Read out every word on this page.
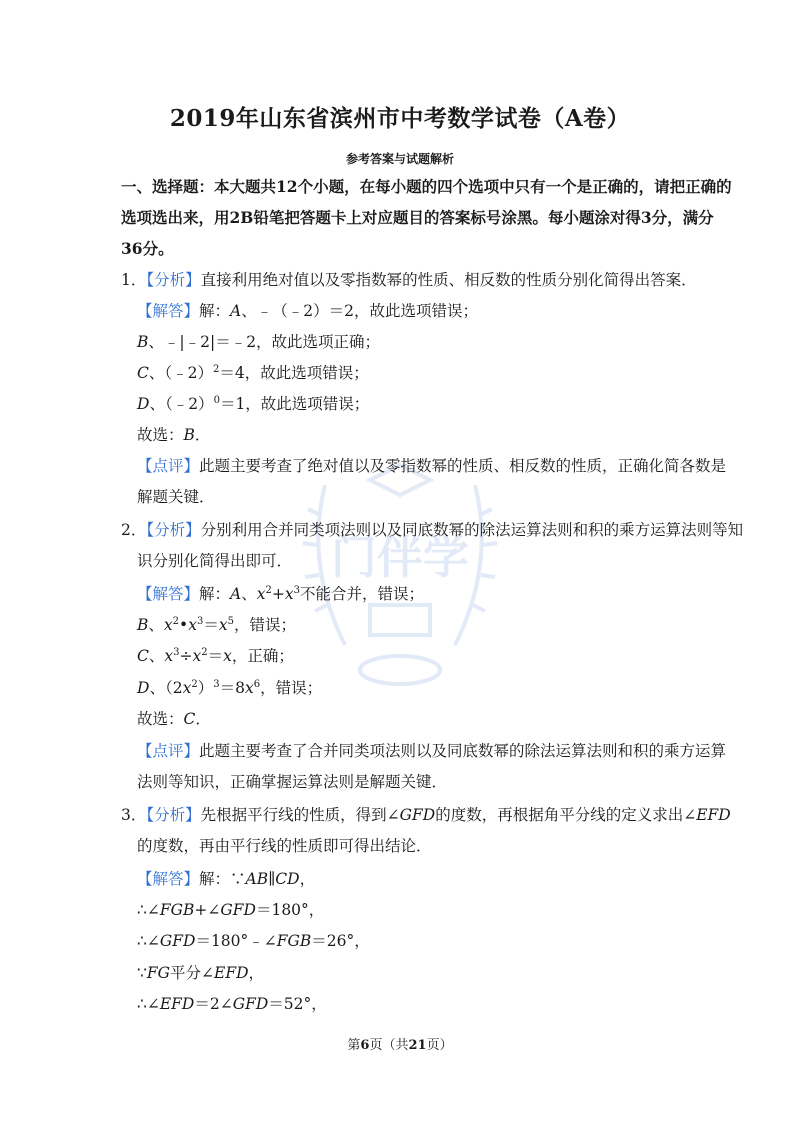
门伴学
2019年山东省滨州市中考数学试卷（A卷）
参考答案与试题解析
一、选择题：本大题共12个小题，在每小题的四个选项中只有一个是正确的，请把正确的
选项选出来，用2B铅笔把答题卡上对应题目的答案标号涂黑。每小题涂对得3分，满分
36分。
1．【分析】直接利用绝对值以及零指数幂的性质、相反数的性质分别化简得出答案．
【解答】解：A、﹣（﹣2）＝2，故此选项错误；
B、﹣|﹣2|＝﹣2，故此选项正确；
C、（﹣2）$^2$＝4，故此选项错误；
D、（﹣2）$^0$＝1，故此选项错误；
故选：B．
【点评】此题主要考查了绝对值以及零指数幂的性质、相反数的性质，正确化简各数是
解题关键．
2．【分析】分别利用合并同类项法则以及同底数幂的除法运算法则和积的乘方运算法则等知
识分别化简得出即可．
【解答】解：A、$x^2+x^3$不能合并，错误；
B、$x^2•x^3=x^5$，错误；
C、$x^3\div x^2=x$，正确；
D、$(2x^2)^3=8x^6$，错误；
故选：C．
【点评】此题主要考查了合并同类项法则以及同底数幂的除法运算法则和积的乘方运算
法则等知识，正确掌握运算法则是解题关键．
3．【分析】先根据平行线的性质，得到∠GFD的度数，再根据角平分线的定义求出∠EFD
的度数，再由平行线的性质即可得出结论．
【解答】解：∵AB∥CD，
∴∠FGB+∠GFD＝180°，
∴∠GFD＝180°﹣∠FGB＝26°，
∵FG平分∠EFD，
∴∠EFD＝2∠GFD＝52°，
第6页（共21页）
